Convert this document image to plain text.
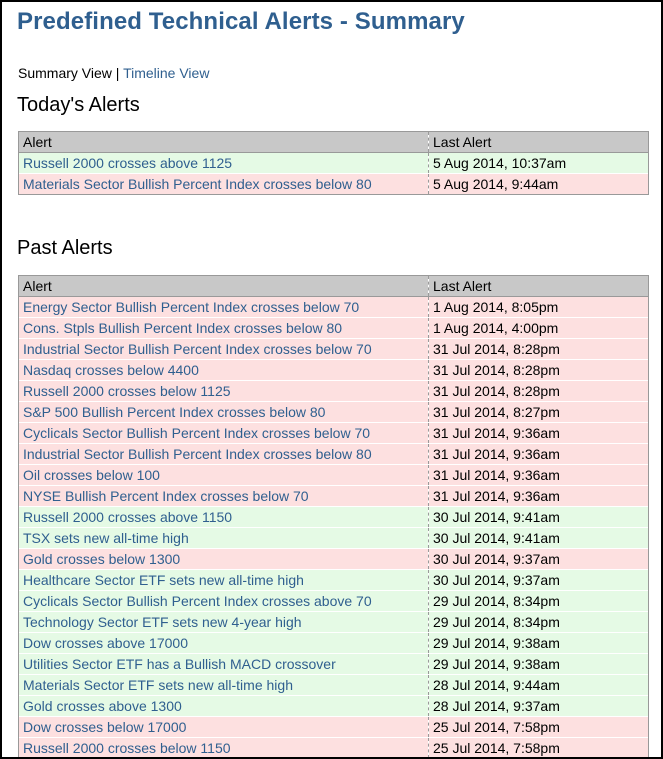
Predefined Technical Alerts - Summary
Summary View | Timeline View
Today's Alerts
Alert	Last Alert
Russell 2000 crosses above 1125	5 Aug 2014, 10:37am
Materials Sector Bullish Percent Index crosses below 80	5 Aug 2014, 9:44am
Past Alerts
Alert	Last Alert
Energy Sector Bullish Percent Index crosses below 70	1 Aug 2014, 8:05pm
Cons. Stpls Bullish Percent Index crosses below 80	1 Aug 2014, 4:00pm
Industrial Sector Bullish Percent Index crosses below 70	31 Jul 2014, 8:28pm
Nasdaq crosses below 4400	31 Jul 2014, 8:28pm
Russell 2000 crosses below 1125	31 Jul 2014, 8:28pm
S&P 500 Bullish Percent Index crosses below 80	31 Jul 2014, 8:27pm
Cyclicals Sector Bullish Percent Index crosses below 70	31 Jul 2014, 9:36am
Industrial Sector Bullish Percent Index crosses below 80	31 Jul 2014, 9:36am
Oil crosses below 100	31 Jul 2014, 9:36am
NYSE Bullish Percent Index crosses below 70	31 Jul 2014, 9:36am
Russell 2000 crosses above 1150	30 Jul 2014, 9:41am
TSX sets new all-time high	30 Jul 2014, 9:41am
Gold crosses below 1300	30 Jul 2014, 9:37am
Healthcare Sector ETF sets new all-time high	30 Jul 2014, 9:37am
Cyclicals Sector Bullish Percent Index crosses above 70	29 Jul 2014, 8:34pm
Technology Sector ETF sets new 4-year high	29 Jul 2014, 8:34pm
Dow crosses above 17000	29 Jul 2014, 9:38am
Utilities Sector ETF has a Bullish MACD crossover	29 Jul 2014, 9:38am
Materials Sector ETF sets new all-time high	28 Jul 2014, 9:44am
Gold crosses above 1300	28 Jul 2014, 9:37am
Dow crosses below 17000	25 Jul 2014, 7:58pm
Russell 2000 crosses below 1150	25 Jul 2014, 7:58pm
